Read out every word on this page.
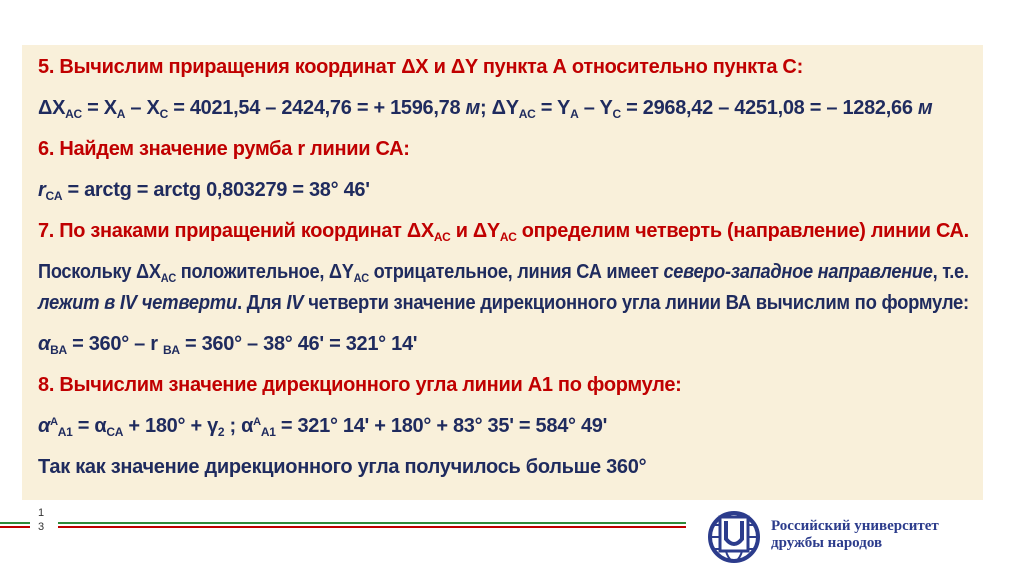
5. Вычислим приращения координат ΔX и ΔY пункта А относительно пункта С:
$\Delta X_{AC} = X_A - X_C = 4021,54 - 2424,76$ = + 1596,78 м; $\Delta Y_{AC} = Y_A - Y_C = 2968,42 - 4251,08$ = – 1282,66 м
6. Найдем значение румба r линии СА:
$r_{CA}$ = arctg = arctg 0,803279 = 38° 46'
7. По знаками приращений координат $\Delta X_{AC}$ и $\Delta Y_{AC}$ определим четверть (направление) линии СА.
Поскольку $\Delta X_{AC}$ положительное, $\Delta Y_{AC}$ отрицательное, линия СА имеет северо-западное направление, т.е.
лежит в IV четверти. Для IV четверти значение дирекционного угла линии ВА вычислим по формуле:
$\alpha_{BA} = 360^\circ - r$ $_{BA}$ = 360° – 38° 46' = 321° 14'
8. Вычислим значение дирекционного угла линии А1 по формуле:
$\alpha^A_{A1} = \alpha_{CA} + 180^\circ + \gamma_2$ ; $\alpha^A_{A1} = 321^\circ$ 14' + 180° + 83° 35' = 584° 49'
Так как значение дирекционного угла получилось больше 360°
1
3	Российский университет
дружбы народов
